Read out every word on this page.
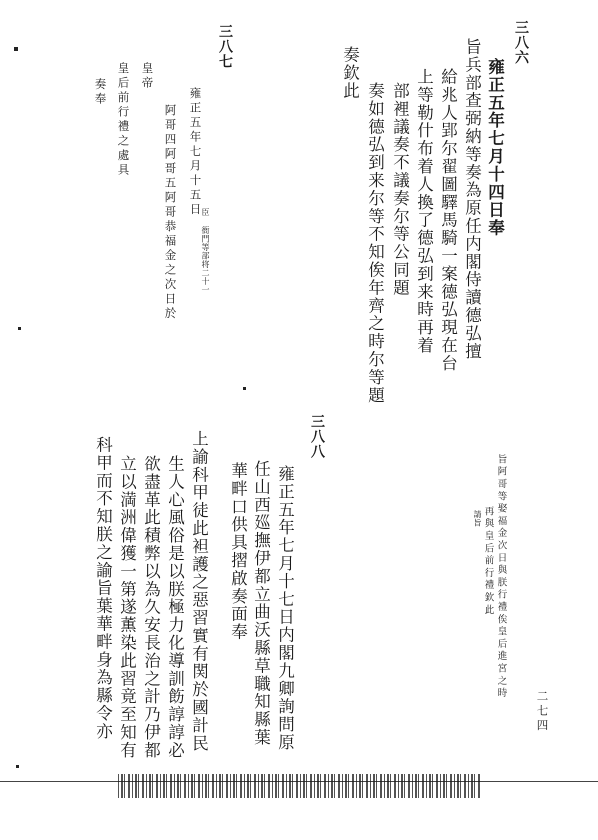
三八六
雍正五年七月十四日奉
旨兵部查弼納等奏為原任内閣侍讀德弘擅
給兆人郢尔翟圖驛馬騎一案德弘現在台
上等勒什布着人換了德弘到来時再着
部裡議奏不議奏尔等公同題
奏如德弘到来尔等不知俟年齊之時尔等題
奏欽此
三八七
雍正五年七月十五日
臣 衙門等部将二十一
阿哥四阿哥五阿哥恭福金之次日於
皇帝
皇后前行禮之處具
奏奉
三八八
雍正五年七月十七日内閣九卿詢問原
任山西廵撫伊都立曲沃縣草職知縣葉
華畔口供具摺啟奏面奉
上諭科甲徒此袒護之惡習實有関於國計民
生人心風俗是以朕極力化導訓飭諄諄必
欲盡革此積弊以為久安長治之計乃伊都
立以満洲偉獲一第遂薫染此習竟至知有
科甲而不知朕之諭旨葉華畔身為縣令亦	旨阿哥等娶福金次日與朕行禮俟皇后進宮之時
再與皇后前行禮欽此
請旨
二七四
